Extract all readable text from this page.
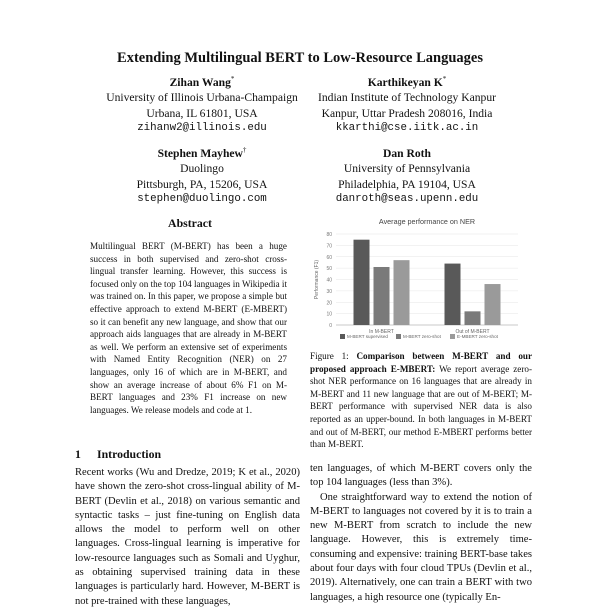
Extending Multilingual BERT to Low-Resource Languages
Zihan Wang*
University of Illinois Urbana-Champaign
Urbana, IL 61801, USA
zihanw2@illinois.edu
Karthikeyan K*
Indian Institute of Technology Kanpur
Kanpur, Uttar Pradesh 208016, India
kkarthi@cse.iitk.ac.in
Stephen Mayhew†
Duolingo
Pittsburgh, PA, 15206, USA
stephen@duolingo.com
Dan Roth
University of Pennsylvania
Philadelphia, PA 19104, USA
danroth@seas.upenn.edu
Abstract
Multilingual BERT (M-BERT) has been a huge success in both supervised and zero-shot cross-lingual transfer learning. However, this success is focused only on the top 104 languages in Wikipedia it was trained on. In this paper, we propose a simple but effective approach to extend M-BERT (E-MBERT) so it can benefit any new language, and show that our approach aids languages that are already in M-BERT as well. We perform an extensive set of experiments with Named Entity Recognition (NER) on 27 languages, only 16 of which are in M-BERT, and show an average increase of about 6% F1 on M-BERT languages and 23% F1 increase on new languages. We release models and code at 1.
1 Introduction
Recent works (Wu and Dredze, 2019; K et al., 2020) have shown the zero-shot cross-lingual ability of M-BERT (Devlin et al., 2018) on various semantic and syntactic tasks – just fine-tuning on English data allows the model to perform well on other languages. Cross-lingual learning is imperative for low-resource languages such as Somali and Uyghur, as obtaining supervised training data in these languages is particularly hard. However, M-BERT is not pre-trained with these languages,
Average performance on NER
Performance (F1)
0
10
20
30
40
50
60
70
80
In M-BERT	Out of M-BERT
M-BERT supervised	M-BERT zero-shot	E-MBERT zero-shot
Figure 1: Comparison between M-BERT and our proposed approach E-MBERT: We report average zero-shot NER performance on 16 languages that are already in M-BERT and 11 new language that are out of M-BERT; M-BERT performance with supervised NER data is also reported as an upper-bound. In both languages in M-BERT and out of M-BERT, our method E-MBERT performs better than M-BERT.

ten languages, of which M-BERT covers only the top 104 languages (less than 3%).

One straightforward way to extend the notion of M-BERT to languages not covered by it is to train a new M-BERT from scratch to include the new language. However, this is extremely time-consuming and expensive: training BERT-base takes about four days with four cloud TPUs (Devlin et al., 2019). Alternatively, one can train a BERT with two languages, a high resource one (typically En-
